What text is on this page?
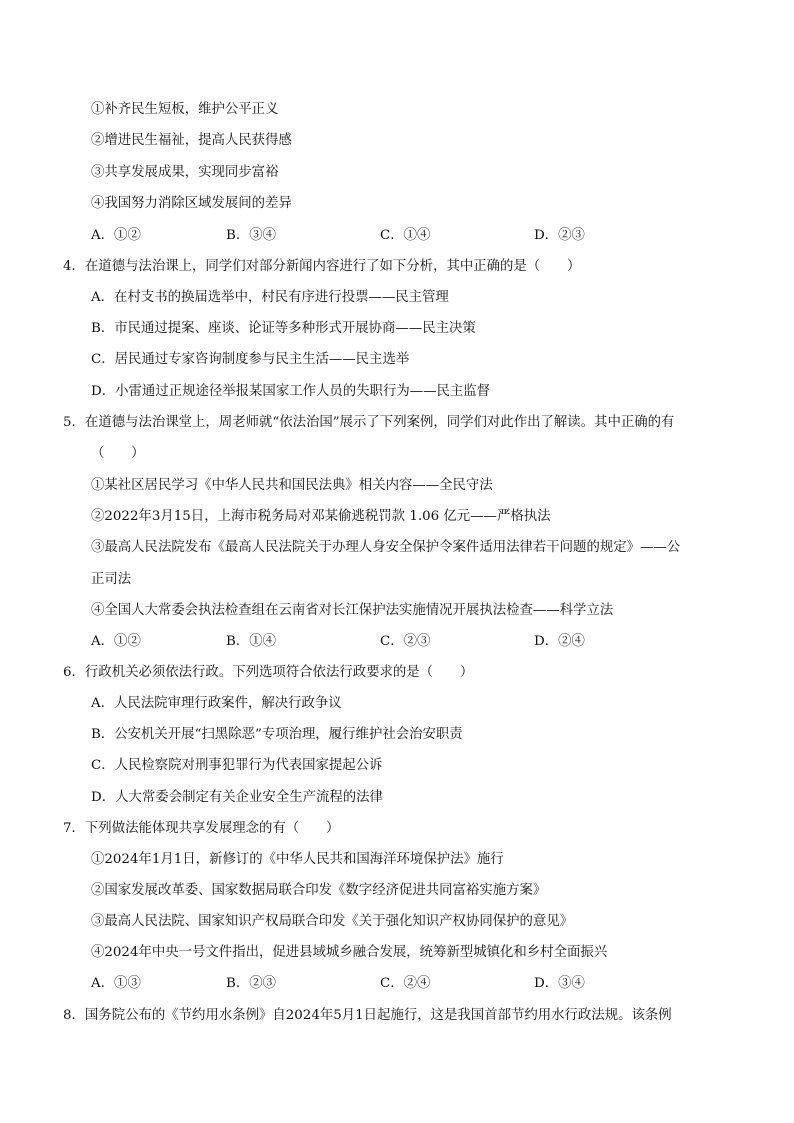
①补齐民生短板，维护公平正义
②增进民生福祉，提高人民获得感
③共享发展成果，实现同步富裕
④我国努力消除区域发展间的差异
A．①②	B．③④	C．①④	D．②③
4．在道德与法治课上，同学们对部分新闻内容进行了如下分析，其中正确的是（　　）
A．在村支书的换届选举中，村民有序进行投票——民主管理
B．市民通过提案、座谈、论证等多种形式开展协商——民主决策
C．居民通过专家咨询制度参与民主生活——民主选举
D．小雷通过正规途径举报某国家工作人员的失职行为——民主监督
5．在道德与法治课堂上，周老师就“依法治国”展示了下列案例，同学们对此作出了解读。其中正确的有
（　　）
①某社区居民学习《中华人民共和国民法典》相关内容——全民守法
②2022年3月15日，上海市税务局对邓某偷逃税罚款 1.06 亿元——严格执法
③最高人民法院发布《最高人民法院关于办理人身安全保护令案件适用法律若干问题的规定》——公
正司法
④全国人大常委会执法检查组在云南省对长江保护法实施情况开展执法检查——科学立法
A．①②	B．①④	C．②③	D．②④
6．行政机关必须依法行政。下列选项符合依法行政要求的是（　　）
A．人民法院审理行政案件，解决行政争议
B．公安机关开展“扫黑除恶”专项治理，履行维护社会治安职责
C．人民检察院对刑事犯罪行为代表国家提起公诉
D．人大常委会制定有关企业安全生产流程的法律
7．下列做法能体现共享发展理念的有（　　）
①2024年1月1日，新修订的《中华人民共和国海洋环境保护法》施行
②国家发展改革委、国家数据局联合印发《数字经济促进共同富裕实施方案》
③最高人民法院、国家知识产权局联合印发《关于强化知识产权协同保护的意见》
④2024年中央一号文件指出，促进县域城乡融合发展，统筹新型城镇化和乡村全面振兴
A．①③	B．②③	C．②④	D．③④
8．国务院公布的《节约用水条例》自2024年5月1日起施行，这是我国首部节约用水行政法规。该条例
